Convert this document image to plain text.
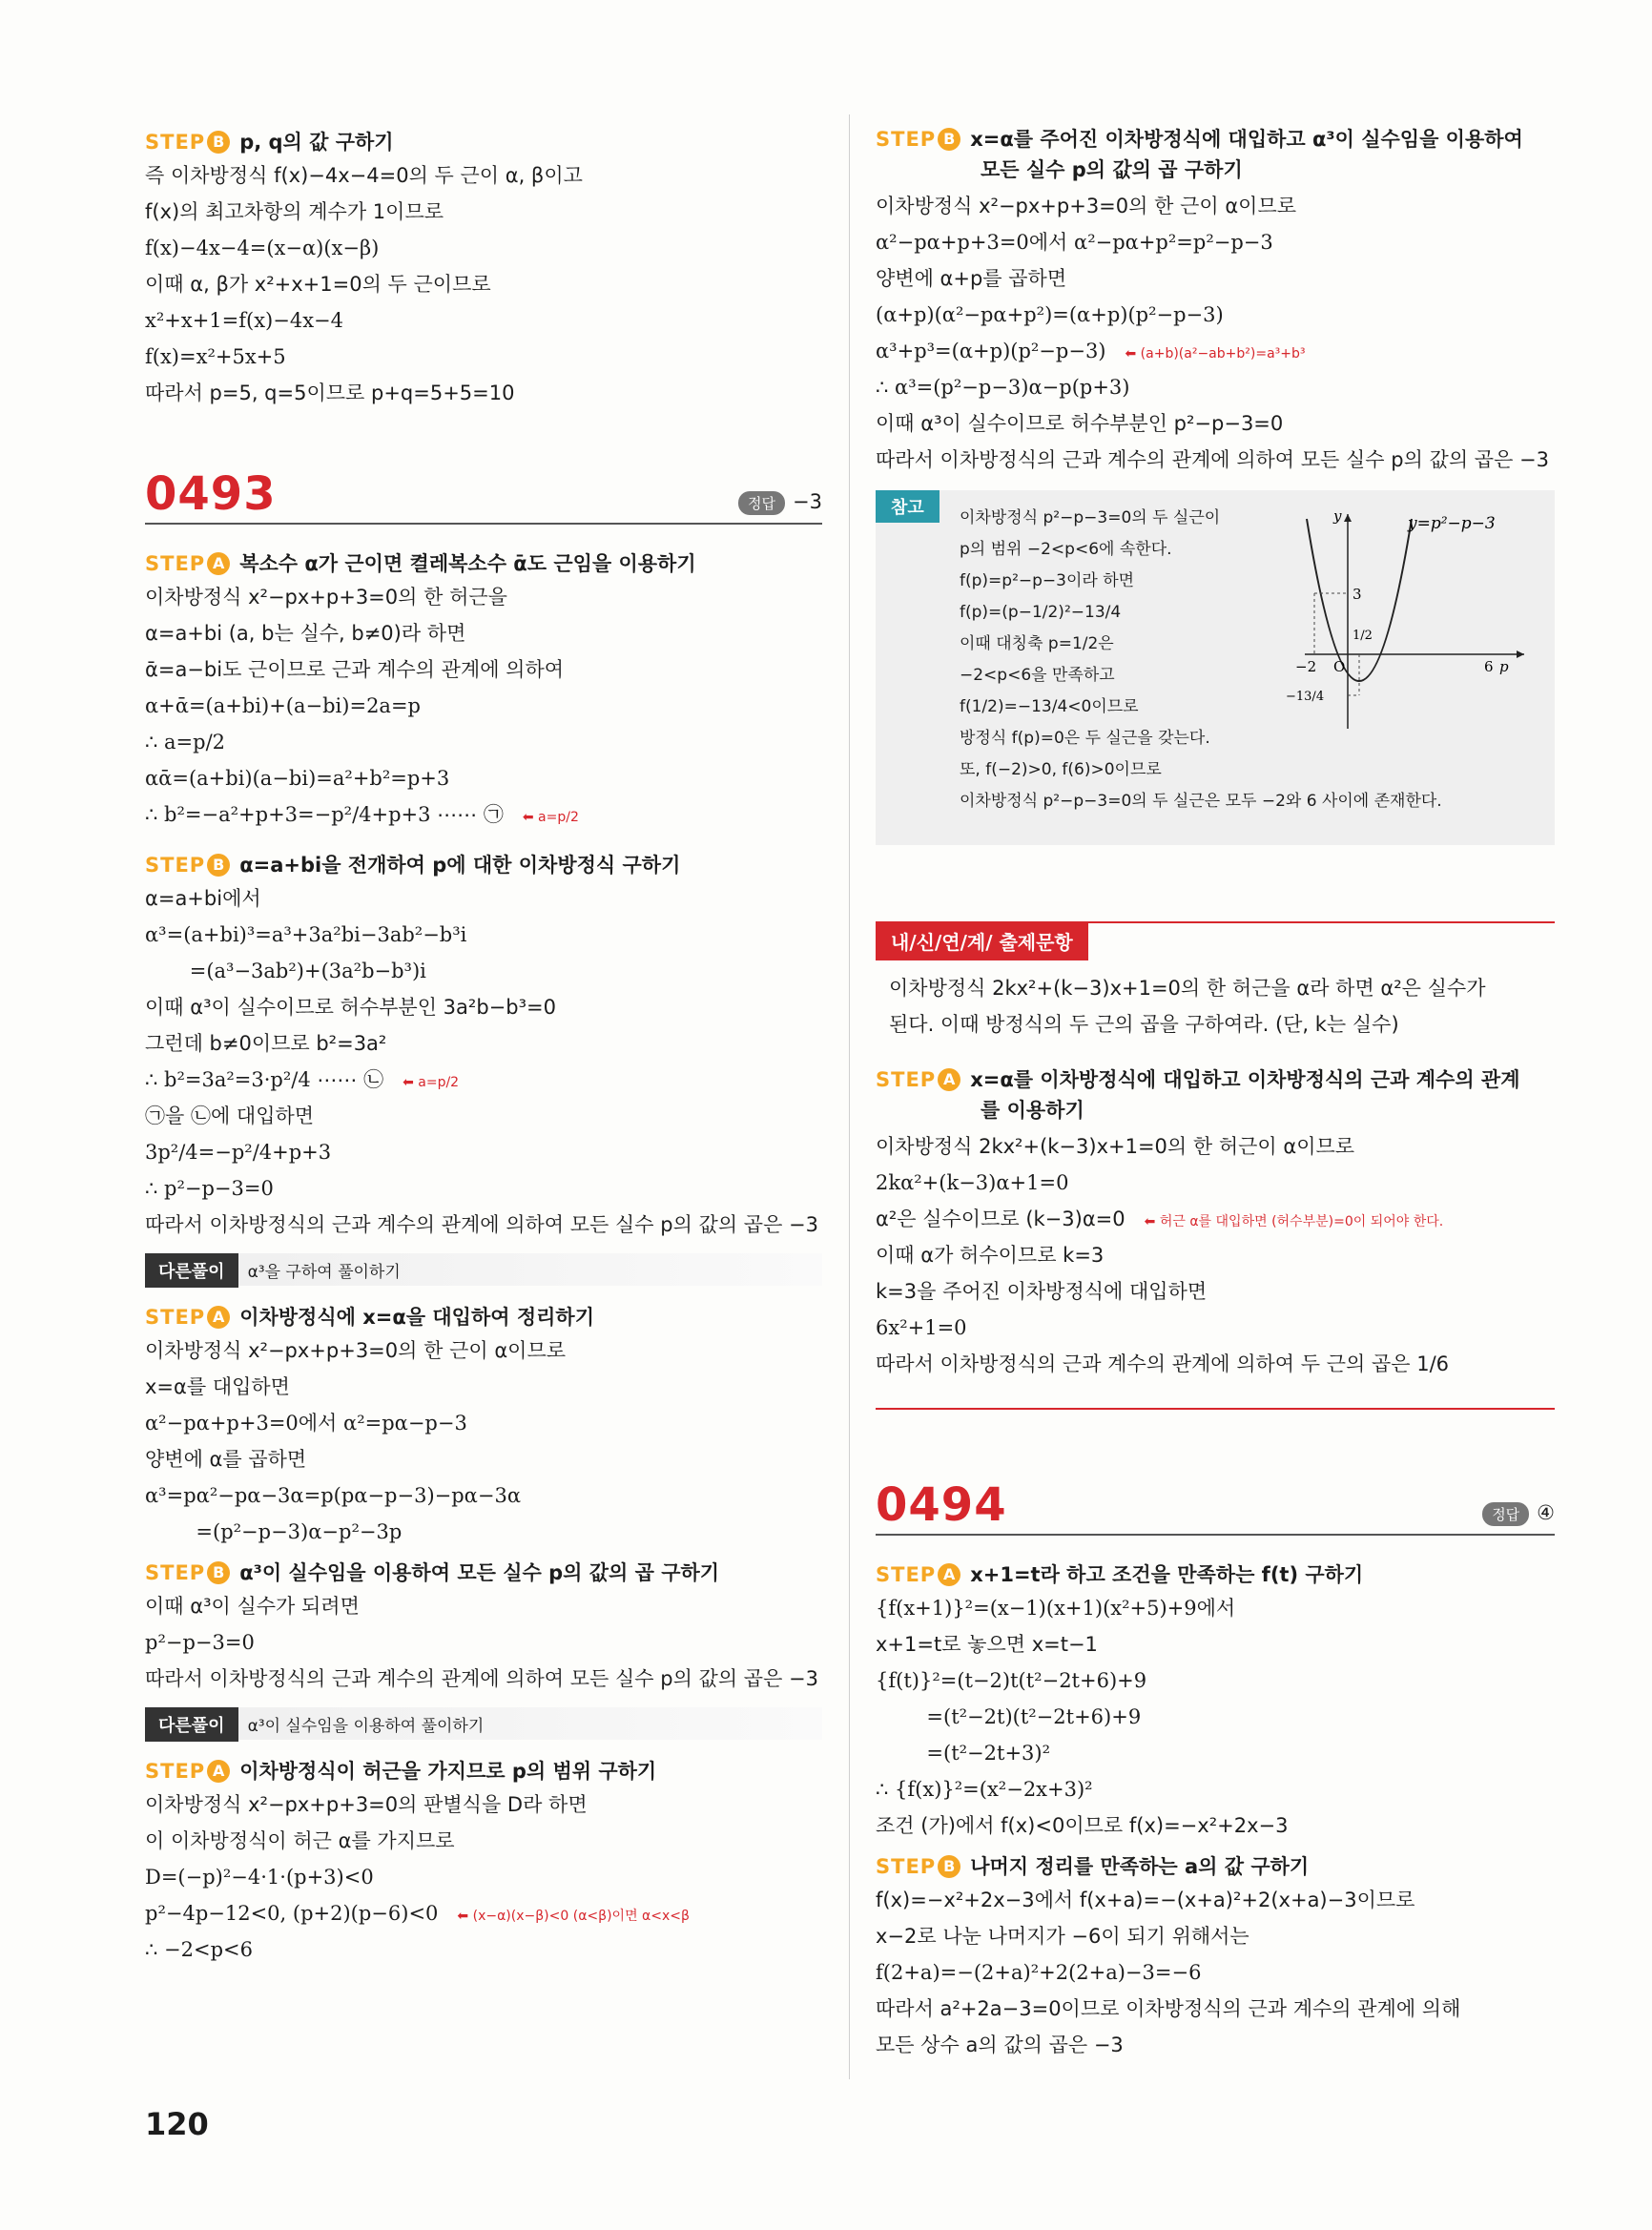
STEP B p, q의 값 구하기
즉 이차방정식 f(x)−4x−4=0의 두 근이 α, β이고
f(x)의 최고차항의 계수가 1이므로
f(x)−4x−4=(x−α)(x−β)
이때 α, β가 x²+x+1=0의 두 근이므로
x²+x+1=f(x)−4x−4
f(x)=x²+5x+5
따라서 p=5, q=5이므로 p+q=5+5=10
0493	정답 −3
STEP A 복소수 α가 근이면 켤레복소수 ᾱ도 근임을 이용하기
이차방정식 x²−px+p+3=0의 한 허근을
α=a+bi (a, b는 실수, b≠0)라 하면
ᾱ=a−bi도 근이므로 근과 계수의 관계에 의하여
α+ᾱ=(a+bi)+(a−bi)=2a=p
∴ a=p/2
αᾱ=(a+bi)(a−bi)=a²+b²=p+3
∴ b²=−a²+p+3=−p²/4+p+3 ⋯⋯ ㉠ ⬅ a=p/2
STEP B α=a+bi을 전개하여 p에 대한 이차방정식 구하기
α=a+bi에서
α³=(a+bi)³=a³+3a²bi−3ab²−b³i
=(a³−3ab²)+(3a²b−b³)i
이때 α³이 실수이므로 허수부분인 3a²b−b³=0
그런데 b≠0이므로 b²=3a²
∴ b²=3a²=3·p²/4 ⋯⋯ ㉡ ⬅ a=p/2
㉠을 ㉡에 대입하면
3p²/4=−p²/4+p+3
∴ p²−p−3=0
따라서 이차방정식의 근과 계수의 관계에 의하여 모든 실수 p의 값의 곱은 −3
다른풀이 α³을 구하여 풀이하기
STEP A 이차방정식에 x=α을 대입하여 정리하기
이차방정식 x²−px+p+3=0의 한 근이 α이므로
x=α를 대입하면
α²−pα+p+3=0에서 α²=pα−p−3
양변에 α를 곱하면
α³=pα²−pα−3α=p(pα−p−3)−pα−3α
=(p²−p−3)α−p²−3p
STEP B α³이 실수임을 이용하여 모든 실수 p의 값의 곱 구하기
이때 α³이 실수가 되려면
p²−p−3=0
따라서 이차방정식의 근과 계수의 관계에 의하여 모든 실수 p의 값의 곱은 −3
다른풀이 α³이 실수임을 이용하여 풀이하기
STEP A 이차방정식이 허근을 가지므로 p의 범위 구하기
이차방정식 x²−px+p+3=0의 판별식을 D라 하면
이 이차방정식이 허근 α를 가지므로
D=(−p)²−4·1·(p+3)<0
p²−4p−12<0, (p+2)(p−6)<0 ⬅ (x−α)(x−β)<0 (α<β)이면 α<x<β
∴ −2<p<6
STEP B x=α를 주어진 이차방정식에 대입하고 α³이 실수임을 이용하여
모든 실수 p의 값의 곱 구하기
이차방정식 x²−px+p+3=0의 한 근이 α이므로
α²−pα+p+3=0에서 α²−pα+p²=p²−p−3
양변에 α+p를 곱하면
(α+p)(α²−pα+p²)=(α+p)(p²−p−3)
α³+p³=(α+p)(p²−p−3) ⬅ (a+b)(a²−ab+b²)=a³+b³
∴ α³=(p²−p−3)α−p(p+3)
이때 α³이 실수이므로 허수부분인 p²−p−3=0
따라서 이차방정식의 근과 계수의 관계에 의하여 모든 실수 p의 값의 곱은 −3
참고	이차방정식 p²−p−3=0의 두 실근이
p의 범위 −2<p<6에 속한다.
f(p)=p²−p−3이라 하면
f(p)=(p−1/2)²−13/4
이때 대칭축 p=1/2은
−2<p<6을 만족하고
f(1/2)=−13/4<0이므로
방정식 f(p)=0은 두 실근을 갖는다.
또, f(−2)>0, f(6)>0이므로
이차방정식 p²−p−3=0의 두 실근은 모두 −2와 6 사이에 존재한다.
y	y=p²−p−3
3
1/2
−2 O	6 p
−13/4
내/신/연/계/ 출제문항
이차방정식 2kx²+(k−3)x+1=0의 한 허근을 α라 하면 α²은 실수가
된다. 이때 방정식의 두 근의 곱을 구하여라. (단, k는 실수)
STEP A x=α를 이차방정식에 대입하고 이차방정식의 근과 계수의 관계
를 이용하기
이차방정식 2kx²+(k−3)x+1=0의 한 허근이 α이므로
2kα²+(k−3)α+1=0
α²은 실수이므로 (k−3)α=0 ⬅ 허근 α를 대입하면 (허수부분)=0이 되어야 한다.
이때 α가 허수이므로 k=3
k=3을 주어진 이차방정식에 대입하면
6x²+1=0
따라서 이차방정식의 근과 계수의 관계에 의하여 두 근의 곱은 1/6
0494	정답 ④
STEP A x+1=t라 하고 조건을 만족하는 f(t) 구하기
{f(x+1)}²=(x−1)(x+1)(x²+5)+9에서
x+1=t로 놓으면 x=t−1
{f(t)}²=(t−2)t(t²−2t+6)+9
=(t²−2t)(t²−2t+6)+9
=(t²−2t+3)²
∴ {f(x)}²=(x²−2x+3)²
조건 (가)에서 f(x)<0이므로 f(x)=−x²+2x−3
STEP B 나머지 정리를 만족하는 a의 값 구하기
f(x)=−x²+2x−3에서 f(x+a)=−(x+a)²+2(x+a)−3이므로
x−2로 나눈 나머지가 −6이 되기 위해서는
f(2+a)=−(2+a)²+2(2+a)−3=−6
따라서 a²+2a−3=0이므로 이차방정식의 근과 계수의 관계에 의해
모든 상수 a의 값의 곱은 −3
120
